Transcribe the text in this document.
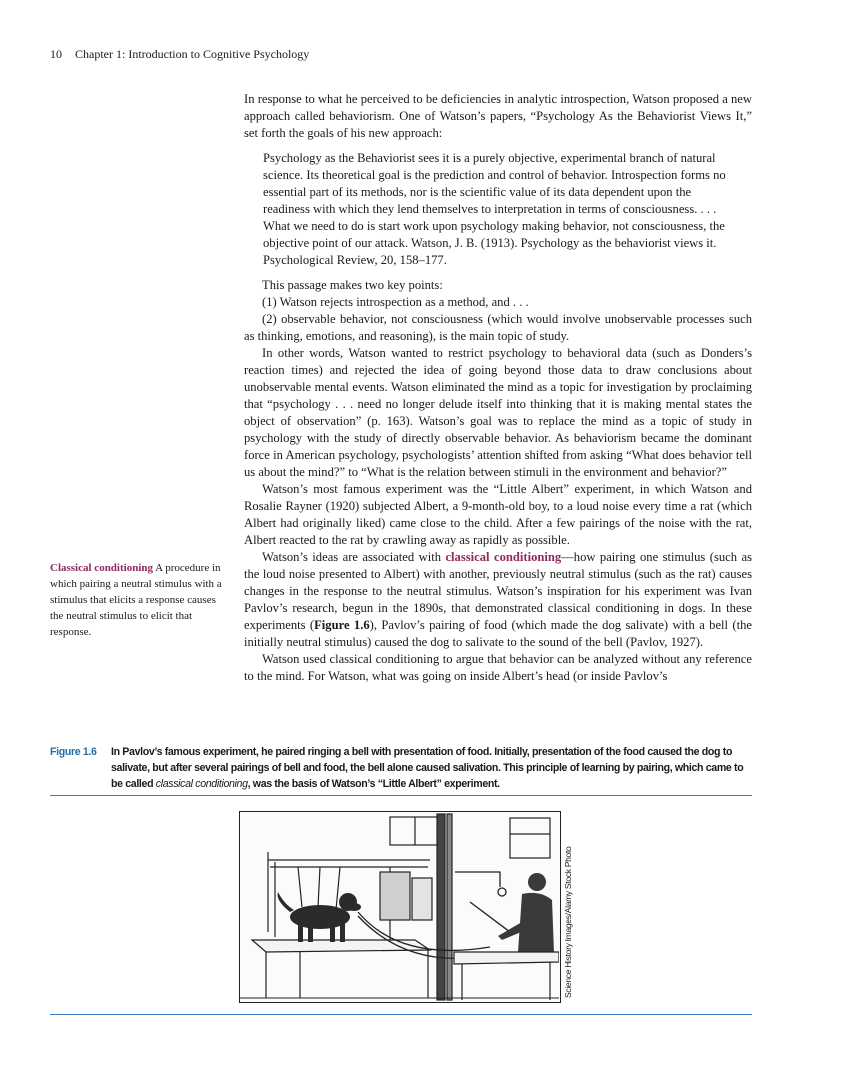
10 Chapter 1: Introduction to Cognitive Psychology

In response to what he perceived to be deficiencies in analytic introspection, Watson proposed a new approach called behaviorism. One of Watson’s papers, “Psychology As the Behaviorist Views It,” set forth the goals of his new approach:

Psychology as the Behaviorist sees it is a purely objective, experimental branch of natural science. Its theoretical goal is the prediction and control of behavior. Introspection forms no essential part of its methods, nor is the scientific value of its data dependent upon the readiness with which they lend themselves to interpretation in terms of consciousness. . . . What we need to do is start work upon psychology making behavior, not consciousness, the objective point of our attack. Watson, J. B. (1913). Psychology as the behaviorist views it. Psychological Review, 20, 158–177.

This passage makes two key points:

(1) Watson rejects introspection as a method, and . . .

(2) observable behavior, not consciousness (which would involve unobservable processes such as thinking, emotions, and reasoning), is the main topic of study.

In other words, Watson wanted to restrict psychology to behavioral data (such as Donders’s reaction times) and rejected the idea of going beyond those data to draw conclusions about unobservable mental events. Watson eliminated the mind as a topic for investigation by proclaiming that “psychology . . . need no longer delude itself into thinking that it is making mental states the object of observation” (p. 163). Watson’s goal was to replace the mind as a topic of study in psychology with the study of directly observable behavior. As behaviorism became the dominant force in American psychology, psychologists’ attention shifted from asking “What does behavior tell us about the mind?” to “What is the relation between stimuli in the environment and behavior?”

Watson’s most famous experiment was the “Little Albert” experiment, in which Watson and Rosalie Rayner (1920) subjected Albert, a 9-month-old boy, to a loud noise every time a rat (which Albert had originally liked) came close to the child. After a few pairings of the noise with the rat, Albert reacted to the rat by crawling away as rapidly as possible.

Watson’s ideas are associated with classical conditioning—how pairing one stimulus (such as the loud noise presented to Albert) with another, previously neutral stimulus (such as the rat) causes changes in the response to the neutral stimulus. Watson’s inspiration for his experiment was Ivan Pavlov’s research, begun in the 1890s, that demonstrated classical conditioning in dogs. In these experiments (Figure 1.6), Pavlov’s pairing of food (which made the dog salivate) with a bell (the initially neutral stimulus) caused the dog to salivate to the sound of the bell (Pavlov, 1927).

Watson used classical conditioning to argue that behavior can be analyzed without any reference to the mind. For Watson, what was going on inside Albert’s head (or inside Pavlov’s

Classical conditioning A procedure in which pairing a neutral stimulus with a stimulus that elicits a response causes the neutral stimulus to elicit that response.
Figure 1.6 In Pavlov’s famous experiment, he paired ringing a bell with presentation of food. Initially, presentation of the food caused the dog to salivate, but after several pairings of bell and food, the bell alone caused salivation. This principle of learning by pairing, which came to be called classical conditioning, was the basis of Watson’s “Little Albert” experiment.
Science History Images/Alamy Stock Photo
